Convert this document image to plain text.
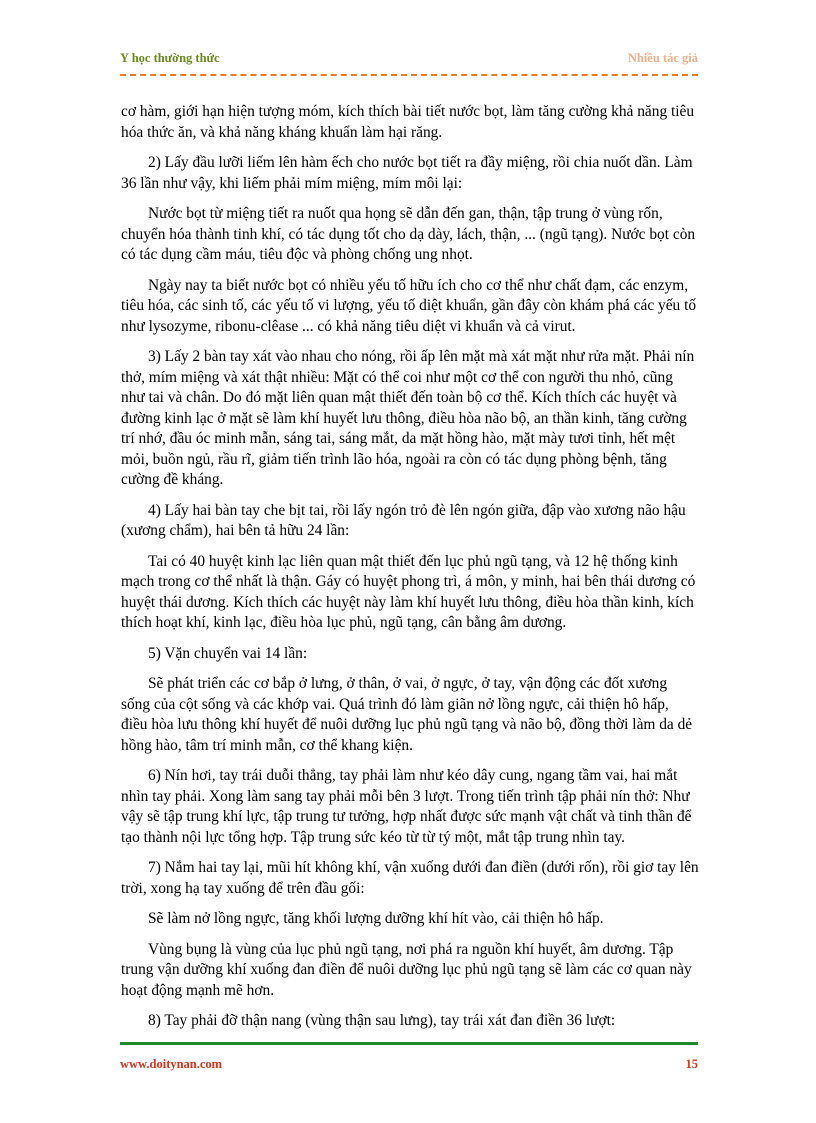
Y học thường thức	Nhiều tác giả

cơ hàm, giới hạn hiện tượng móm, kích thích bài tiết nước bọt, làm tăng cường khả năng tiêu hóa thức ăn, và khả năng kháng khuẩn làm hại răng.

2) Lấy đầu lưỡi liếm lên hàm ếch cho nước bọt tiết ra đầy miệng, rồi chia nuốt dần. Làm 36 lần như vậy, khi liếm phải mím miệng, mím môi lại:

Nước bọt từ miệng tiết ra nuốt qua họng sẽ dẫn đến gan, thận, tập trung ở vùng rốn, chuyển hóa thành tinh khí, có tác dụng tốt cho dạ dày, lách, thận, ... (ngũ tạng). Nước bọt còn có tác dụng cầm máu, tiêu độc và phòng chống ung nhọt.

Ngày nay ta biết nước bọt có nhiều yếu tố hữu ích cho cơ thể như chất đạm, các enzym, tiêu hóa, các sinh tố, các yếu tố vi lượng, yếu tố diệt khuẩn, gần đây còn khám phá các yếu tố như lysozyme, ribonu-clêase ... có khả năng tiêu diệt vi khuẩn và cả virut.

3) Lấy 2 bàn tay xát vào nhau cho nóng, rồi ấp lên mặt mà xát mặt như rửa mặt. Phải nín thở, mím miệng và xát thật nhiều: Mặt có thể coi như một cơ thể con người thu nhỏ, cũng như tai và chân. Do đó mặt liên quan mật thiết đến toàn bộ cơ thể. Kích thích các huyệt và đường kinh lạc ở mặt sẽ làm khí huyết lưu thông, điều hòa não bộ, an thần kinh, tăng cường trí nhớ, đầu óc minh mẫn, sáng tai, sáng mắt, da mặt hồng hào, mặt mày tươi tỉnh, hết mệt mỏi, buồn ngủ, rầu rĩ, giảm tiến trình lão hóa, ngoài ra còn có tác dụng phòng bệnh, tăng cường đề kháng.

4) Lấy hai bàn tay che bịt tai, rồi lấy ngón trỏ đè lên ngón giữa, đập vào xương não hậu (xương chẩm), hai bên tả hữu 24 lần:

Tai có 40 huyệt kinh lạc liên quan mật thiết đến lục phủ ngũ tạng, và 12 hệ thống kinh mạch trong cơ thể nhất là thận. Gáy có huyệt phong trì, á môn, y minh, hai bên thái dương có huyệt thái dương. Kích thích các huyệt này làm khí huyết lưu thông, điều hòa thần kinh, kích thích hoạt khí, kinh lạc, điều hòa lục phủ, ngũ tạng, cân bằng âm dương.

5) Vặn chuyển vai 14 lần:

Sẽ phát triển các cơ bắp ở lưng, ở thân, ở vai, ở ngực, ở tay, vận động các đốt xương sống của cột sống và các khớp vai. Quá trình đó làm giãn nở lồng ngực, cải thiện hô hấp, điều hòa lưu thông khí huyết để nuôi dưỡng lục phủ ngũ tạng và não bộ, đồng thời làm da dẻ hồng hào, tâm trí minh mẫn, cơ thể khang kiện.

6) Nín hơi, tay trái duỗi thẳng, tay phải làm như kéo dây cung, ngang tầm vai, hai mắt nhìn tay phải. Xong làm sang tay phải mỗi bên 3 lượt. Trong tiến trình tập phải nín thở: Như vậy sẽ tập trung khí lực, tập trung tư tưởng, hợp nhất được sức mạnh vật chất và tinh thần để tạo thành nội lực tổng hợp. Tập trung sức kéo từ từ tý một, mắt tập trung nhìn tay.

7) Nắm hai tay lại, mũi hít không khí, vận xuống dưới đan điền (dưới rốn), rồi giơ tay lên trời, xong hạ tay xuống để trên đầu gối:

Sẽ làm nở lồng ngực, tăng khối lượng dưỡng khí hít vào, cải thiện hô hấp.

Vùng bụng là vùng của lục phủ ngũ tạng, nơi phá ra nguồn khí huyết, âm dương. Tập trung vận dưỡng khí xuống đan điền để nuôi dưỡng lục phủ ngũ tạng sẽ làm các cơ quan này hoạt động mạnh mẽ hơn.

8) Tay phải đỡ thận nang (vùng thận sau lưng), tay trái xát đan điền 36 lượt:

www.doitynan.com	15
